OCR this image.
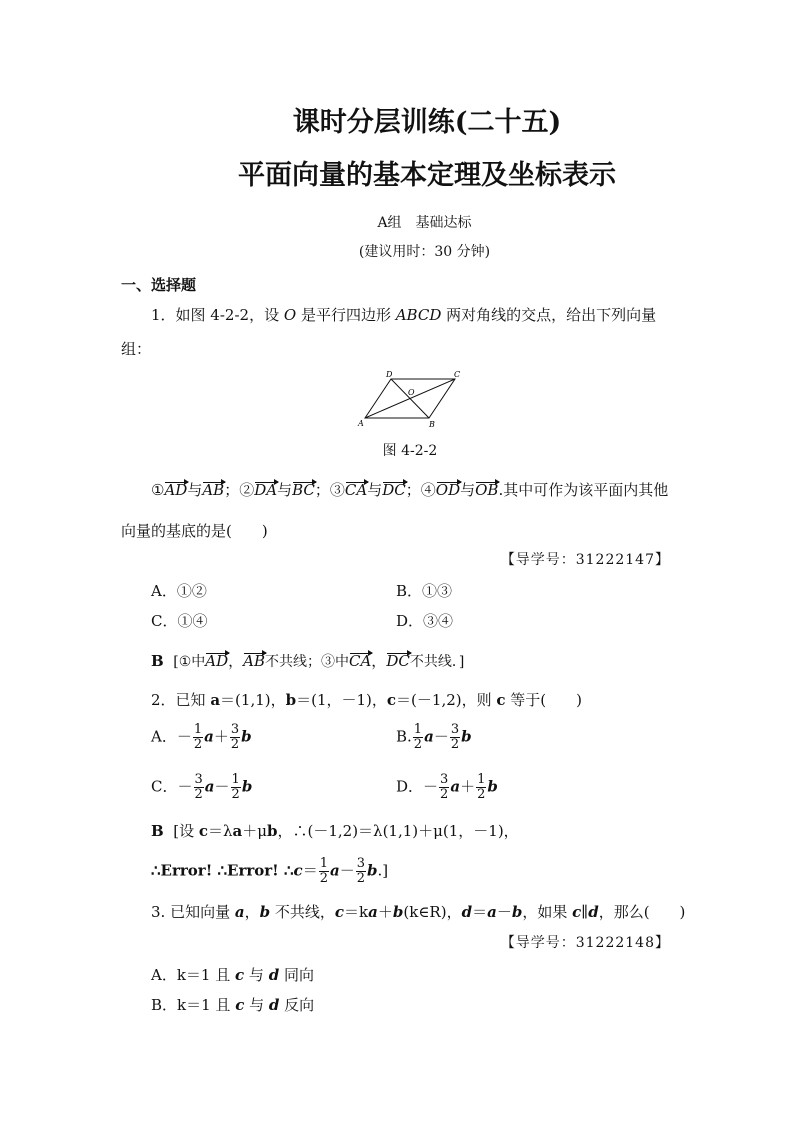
课时分层训练(二十五)
平面向量的基本定理及坐标表示
A组　基础达标
(建议用时：30 分钟)
一、选择题
1．如图 4-2-2，设 O 是平行四边形 ABCD 两对角线的交点，给出下列向量
组：
A	B
C
D
O
图 4-2-2
①AD与AB；②DA与BC；③CA与DC；④OD与OB.其中可作为该平面内其他
向量的基底的是(　　)
【导学号：31222147】
A．①②	B．①③
C．①④	D．③④
B [①中AD，AB不共线；③中CA，DC不共线．]
2．已知 a＝(1,1)，b＝(1，－1)，c＝(－1,2)，则 c 等于(　　)
A．－ $\frac{1}{2} a+ \frac{3}{2}$ b	B. $\frac{1}{2} a- \frac{3}{2}$ b
C．－ $\frac{3}{2} a- \frac{1}{2}$ b	D．－ $\frac{3}{2} a+ \frac{1}{2}$ b
B [设 c＝λa＋μb，∴(－1,2)＝λ(1,1)＋μ(1，－1)，
∴Error! ∴Error! ∴c＝ $\frac{1}{2} a- \frac{3}{2} b$.]
3. 已知向量 a，b 不共线，c＝ka＋b(k∈R)，d＝a－b，如果 c∥d，那么(　　)
【导学号：31222148】
A．k＝1 且 c 与 d 同向
B．k＝1 且 c 与 d 反向
